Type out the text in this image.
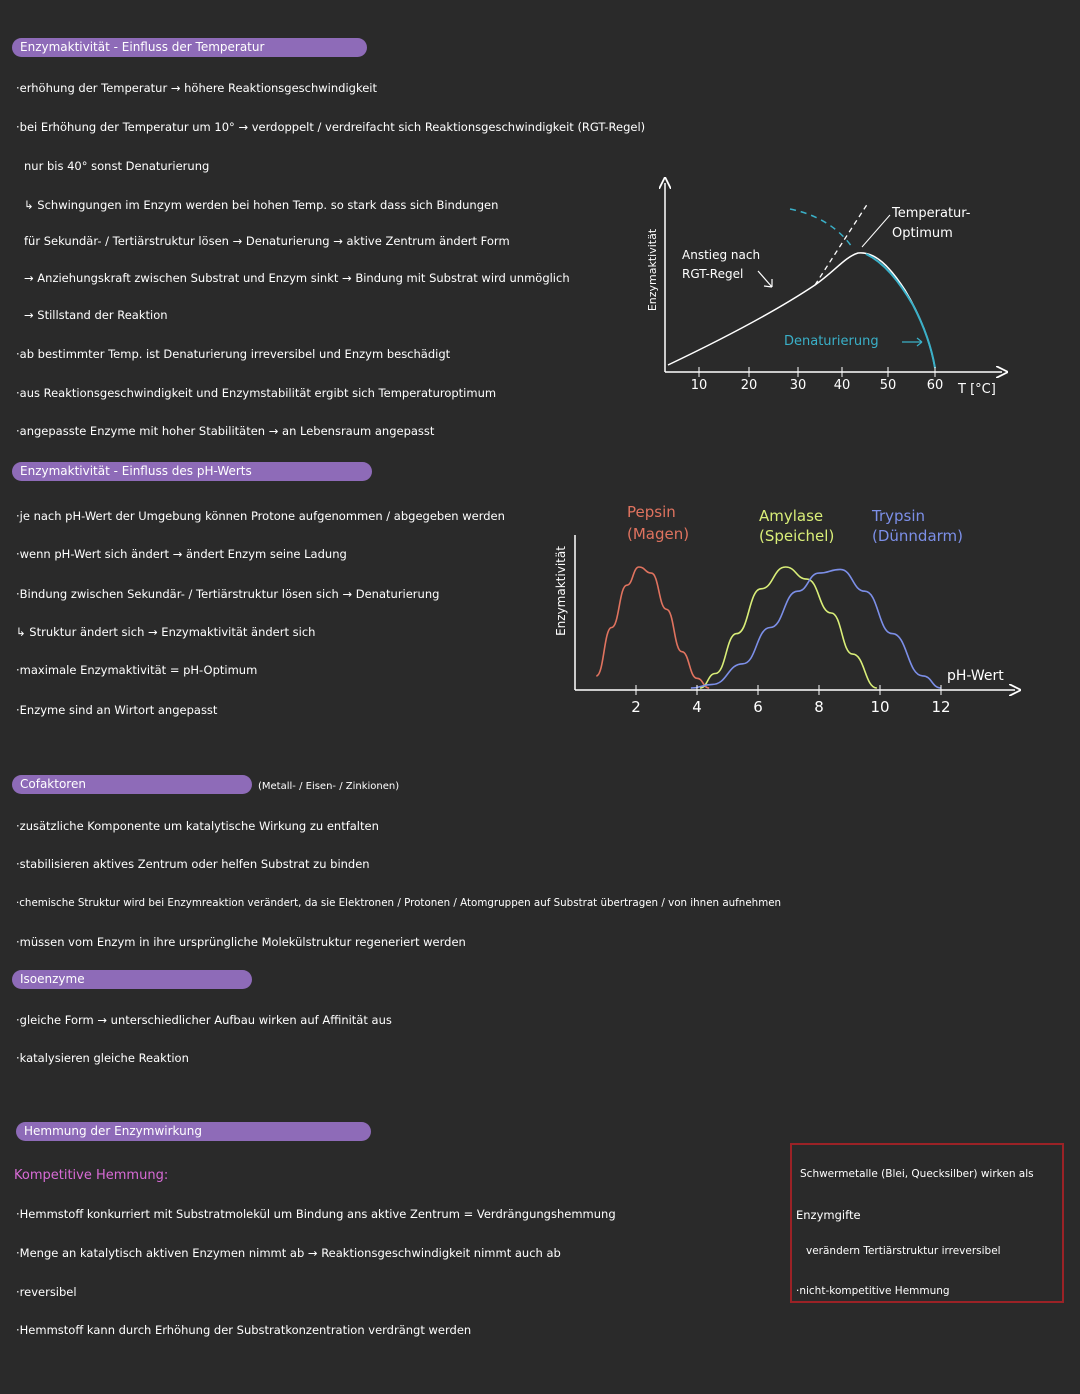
Enzymaktivität - Einfluss der Temperatur
·erhöhung der Temperatur → höhere Reaktionsgeschwindigkeit
·bei Erhöhung der Temperatur um 10° → verdoppelt / verdreifacht sich Reaktionsgeschwindigkeit (RGT-Regel)
nur bis 40° sonst Denaturierung
↳ Schwingungen im Enzym werden bei hohen Temp. so stark dass sich Bindungen
für Sekundär- / Tertiärstruktur lösen → Denaturierung → aktive Zentrum ändert Form
→ Anziehungskraft zwischen Substrat und Enzym sinkt → Bindung mit Substrat wird unmöglich
→ Stillstand der Reaktion
·ab bestimmter Temp. ist Denaturierung irreversibel und Enzym beschädigt
·aus Reaktionsgeschwindigkeit und Enzymstabilität ergibt sich Temperaturoptimum
·angepasste Enzyme mit hoher Stabilitäten → an Lebensraum angepasst
Enzymaktivität
Temperatur-
Optimum
Anstieg nach
RGT-Regel
Denaturierung
10	20 30 40 50 60 T [°C]
Enzymaktivität - Einfluss des pH-Werts
·je nach pH-Wert der Umgebung können Protone aufgenommen / abgegeben werden
·wenn pH-Wert sich ändert → ändert Enzym seine Ladung
·Bindung zwischen Sekundär- / Tertiärstruktur lösen sich → Denaturierung
↳ Struktur ändert sich → Enzymaktivität ändert sich
·maximale Enzymaktivität = pH-Optimum
·Enzyme sind an Wirtort angepasst
Enzymaktivität
2	4	6	8	10	12
pH-Wert
Pepsin
(Magen)
Amylase
(Speichel)
Trypsin
(Dünndarm)
Cofaktoren	(Metall- / Eisen- / Zinkionen)
·zusätzliche Komponente um katalytische Wirkung zu entfalten
·stabilisieren aktives Zentrum oder helfen Substrat zu binden
·chemische Struktur wird bei Enzymreaktion verändert, da sie Elektronen / Protonen / Atomgruppen auf Substrat übertragen / von ihnen aufnehmen
·müssen vom Enzym in ihre ursprüngliche Molekülstruktur regeneriert werden
Isoenzyme
·gleiche Form → unterschiedlicher Aufbau wirken auf Affinität aus
·katalysieren gleiche Reaktion
Hemmung der Enzymwirkung
Kompetitive Hemmung:
·Hemmstoff konkurriert mit Substratmolekül um Bindung ans aktive Zentrum = Verdrängungshemmung
·Menge an katalytisch aktiven Enzymen nimmt ab → Reaktionsgeschwindigkeit nimmt auch ab
·reversibel
·Hemmstoff kann durch Erhöhung der Substratkonzentration verdrängt werden
Schwermetalle (Blei, Quecksilber) wirken als
Enzymgifte
verändern Tertiärstruktur irreversibel
·nicht-kompetitive Hemmung
